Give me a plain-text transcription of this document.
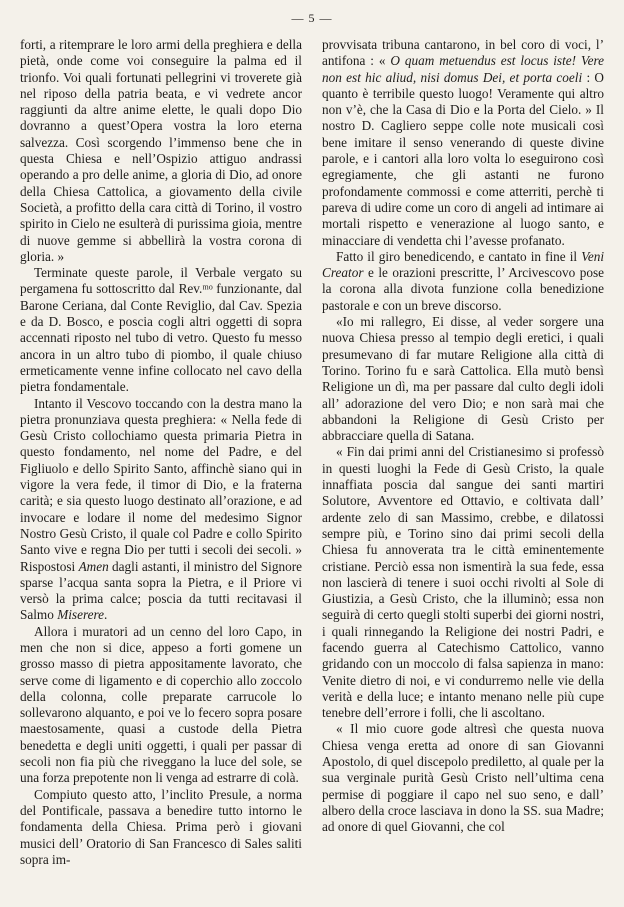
— 5 —

forti, a ritemprare le loro armi della preghiera e della pietà, onde come voi conseguire la palma ed il trionfo. Voi quali fortunati pellegrini vi troverete già nel riposo della patria beata, e vi vedrete ancor raggiunti da altre anime elette, le quali dopo Dio dovranno a quest’Opera vostra la loro eterna salvezza. Così scorgendo l’immenso bene che in questa Chiesa e nell’Ospizio attiguo andrassi operando a pro delle anime, a gloria di Dio, ad onore della Chiesa Cattolica, a giovamento della civile Società, a profitto della cara città di Torino, il vostro spirito in Cielo ne esulterà di purissima gioia, mentre di nuove gemme si abbellirà la vostra corona di gloria. »

Terminate queste parole, il Verbale vergato su pergamena fu sottoscritto dal Rev.ᵐᵒ funzionante, dal Barone Ceriana, dal Conte Reviglio, dal Cav. Spezia e da D. Bosco, e poscia cogli altri oggetti di sopra accennati riposto nel tubo di vetro. Questo fu messo ancora in un altro tubo di piombo, il quale chiuso ermeticamente venne infine collocato nel cavo della pietra fondamentale.

Intanto il Vescovo toccando con la destra mano la pietra pronunziava questa preghiera: « Nella fede di Gesù Cristo collochiamo questa primaria Pietra in questo fondamento, nel nome del Padre, e del Figliuolo e dello Spirito Santo, affinchè siano qui in vigore la vera fede, il timor di Dio, e la fraterna carità; e sia questo luogo destinato all’orazione, e ad invocare e lodare il nome del medesimo Signor Nostro Gesù Cristo, il quale col Padre e collo Spirito Santo vive e regna Dio per tutti i secoli dei secoli. » Rispostosi Amen dagli astanti, il ministro del Signore sparse l’acqua santa sopra la Pietra, e il Priore vi versò la prima calce; poscia da tutti recitavasi il Salmo Miserere.

Allora i muratori ad un cenno del loro Capo, in men che non si dice, appeso a forti gomene un grosso masso di pietra appositamente lavorato, che serve come di ligamento e di coperchio allo zoccolo della colonna, colle preparate carrucole lo sollevarono alquanto, e poi ve lo fecero sopra posare maestosamente, quasi a custode della Pietra benedetta e degli uniti oggetti, i quali per passar di secoli non fia più che riveggano la luce del sole, se una forza prepotente non li venga ad estrarre di colà.

Compiuto questo atto, l’inclito Presule, a norma del Pontificale, passava a benedire tutto intorno le fondamenta della Chiesa. Prima però i giovani musici dell’ Oratorio di San Francesco di Sales saliti sopra im-

provvisata tribuna cantarono, in bel coro di voci, l’ antifona : « O quam metuendus est locus iste! Vere non est hic aliud, nisi domus Dei, et porta coeli : O quanto è terribile questo luogo! Veramente qui altro non v’è, che la Casa di Dio e la Porta del Cielo. » Il nostro D. Cagliero seppe colle note musicali così bene imitare il senso venerando di queste divine parole, e i cantori alla loro volta lo eseguirono così egregiamente, che gli astanti ne furono profondamente commossi e come atterriti, perchè ti pareva di udire come un coro di angeli ad intimare ai mortali rispetto e venerazione al luogo santo, e minacciare di vendetta chi l’avesse profanato.

Fatto il giro benedicendo, e cantato in fine il Veni Creator e le orazioni prescritte, l’ Arcivescovo pose la corona alla divota funzione colla benedizione pastorale e con un breve discorso.

«Io mi rallegro, Ei disse, al veder sorgere una nuova Chiesa presso al tempio degli eretici, i quali presumevano di far mutare Religione alla città di Torino. Torino fu e sarà Cattolica. Ella mutò bensì Religione un dì, ma per passare dal culto degli idoli all’ adorazione del vero Dio; e non sarà mai che abbandoni la Religione di Gesù Cristo per abbracciare quella di Satana.

« Fin dai primi anni del Cristianesimo si professò in questi luoghi la Fede di Gesù Cristo, la quale innaffiata poscia dal sangue dei santi martiri Solutore, Avventore ed Ottavio, e coltivata dall’ ardente zelo di san Massimo, crebbe, e dilatossi sempre più, e Torino sino dai primi secoli della Chiesa fu annoverata tra le città eminentemente cristiane. Perciò essa non ismentirà la sua fede, essa non lascierà di tenere i suoi occhi rivolti al Sole di Giustizia, a Gesù Cristo, che la illuminò; essa non seguirà di certo quegli stolti superbi dei giorni nostri, i quali rinnegando la Religione dei nostri Padri, e facendo guerra al Catechismo Cattolico, vanno gridando con un moccolo di falsa sapienza in mano: Venite dietro di noi, e vi condurremo nelle vie della verità e della luce; e intanto menano nelle più cupe tenebre dell’errore i folli, che li ascoltano.

« Il mio cuore gode altresì che questa nuova Chiesa venga eretta ad onore di san Giovanni Apostolo, di quel discepolo prediletto, al quale per la sua verginale purità Gesù Cristo nell’ultima cena permise di poggiare il capo nel suo seno, e dall’ albero della croce lasciava in dono la SS. sua Madre; ad onore di quel Giovanni, che col
